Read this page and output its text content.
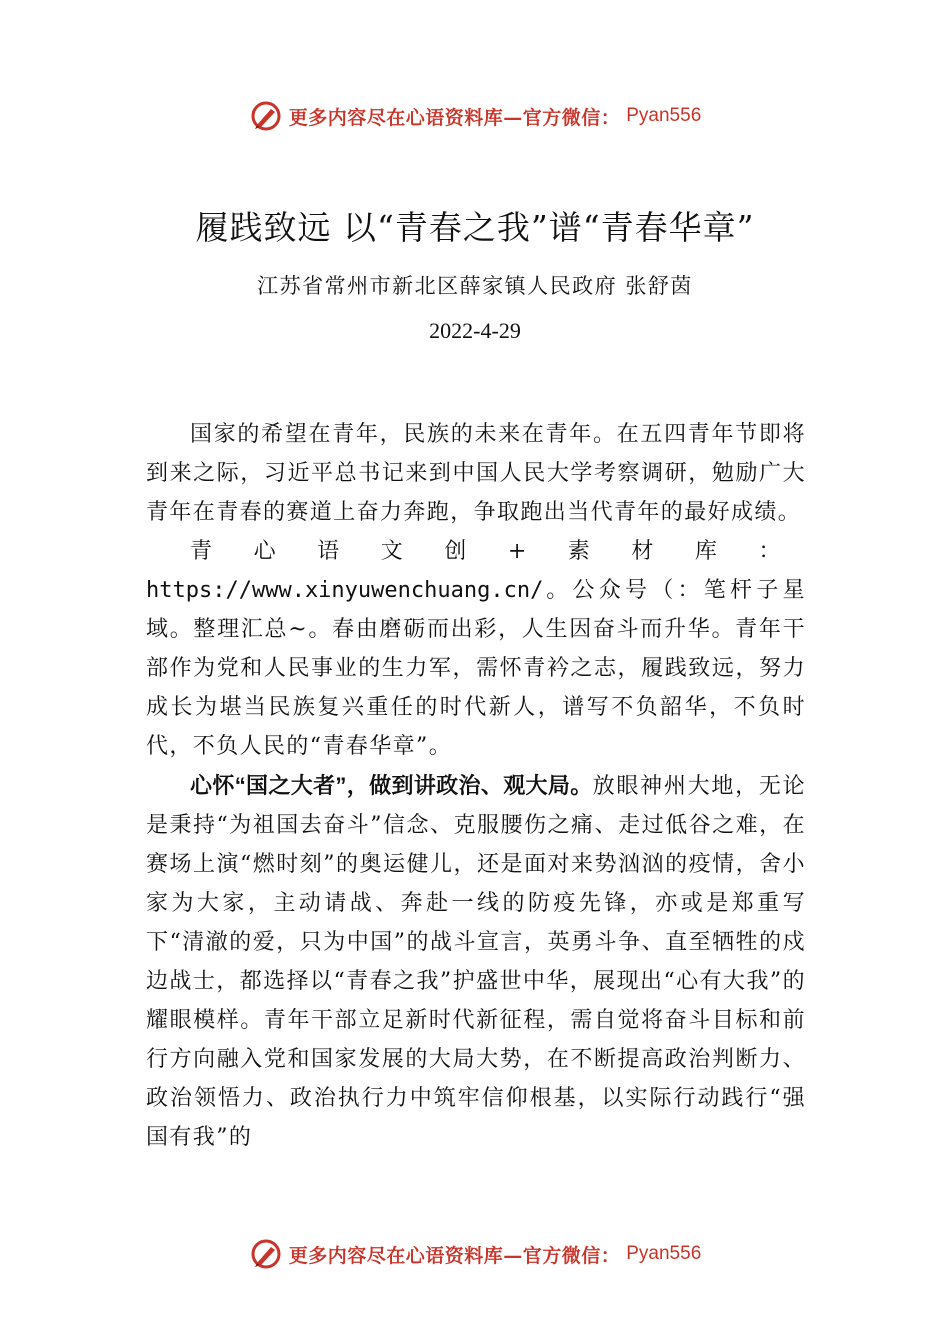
更多内容尽在心语资料库—官方微信： Pyan556
履践致远 以“青春之我”谱“青春华章”
江苏省常州市新北区薛家镇人民政府 张舒茵
2022-4-29

国家的希望在青年，民族的未来在青年。在五四青年节即将到来之际，习近平总书记来到中国人民大学考察调研，勉励广大青年在青春的赛道上奋力奔跑，争取跑出当代青年的最好成绩。

青心语文创+素材库：https://www.xinyuwenchuang.cn/。公众号（：笔杆子星域。整理汇总~。春由磨砺而出彩，人生因奋斗而升华。青年干部作为党和人民事业的生力军，需怀青衿之志，履践致远，努力成长为堪当民族复兴重任的时代新人，谱写不负韶华，不负时代，不负人民的“青春华章”。

心怀“国之大者”，做到讲政治、观大局。放眼神州大地，无论是秉持“为祖国去奋斗”信念、克服腰伤之痛、走过低谷之难，在赛场上演“燃时刻”的奥运健儿，还是面对来势汹汹的疫情，舍小家为大家，主动请战、奔赴一线的防疫先锋，亦或是郑重写下“清澈的爱，只为中国”的战斗宣言，英勇斗争、直至牺牲的戍边战士，都选择以“青春之我”护盛世中华，展现出“心有大我”的耀眼模样。青年干部立足新时代新征程，需自觉将奋斗目标和前行方向融入党和国家发展的大局大势，在不断提高政治判断力、政治领悟力、政治执行力中筑牢信仰根基，以实际行动践行“强国有我”的

更多内容尽在心语资料库—官方微信： Pyan556
